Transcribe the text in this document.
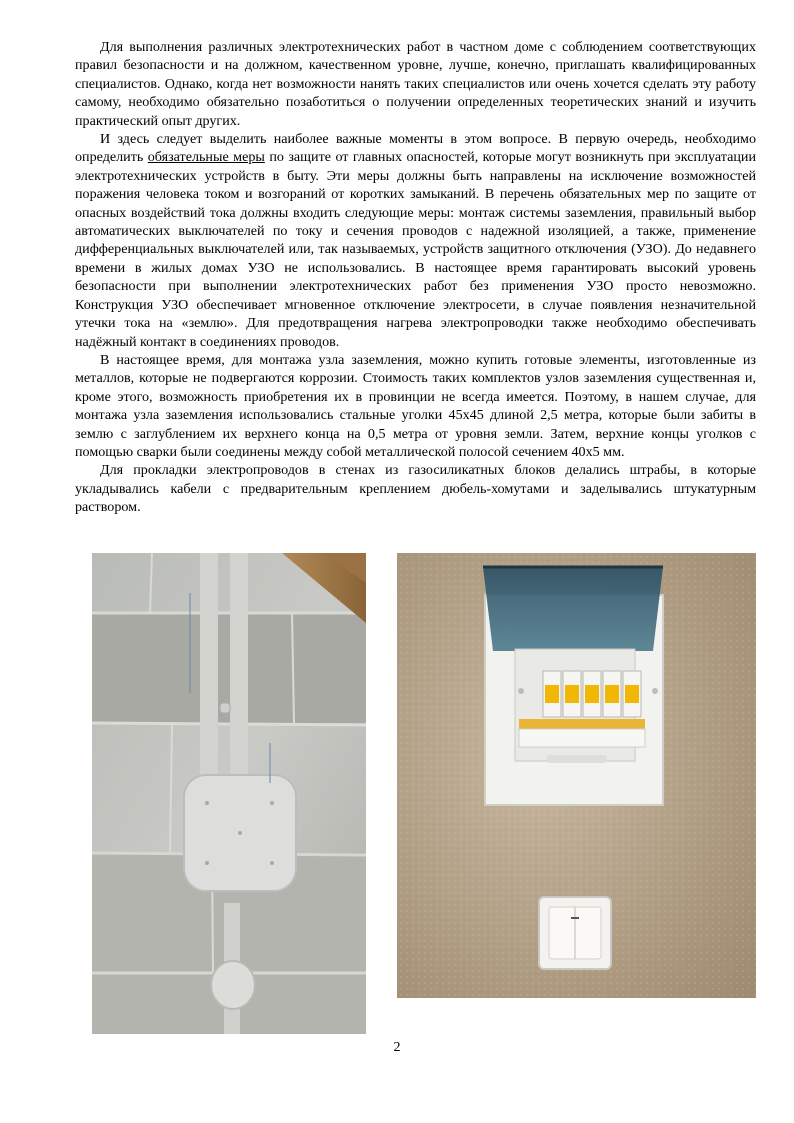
Для выполнения различных электротехнических работ в частном доме с соблюдением соответствующих правил безопасности и на должном, качественном уровне, лучше, конечно, приглашать квалифицированных специалистов. Однако, когда нет возможности нанять таких специалистов или очень хочется сделать эту работу самому, необходимо обязательно позаботиться о получении определенных теоретических знаний и изучить практический опыт других.

И здесь следует выделить наиболее важные моменты в этом вопросе. В первую очередь, необходимо определить обязательные меры по защите от главных опасностей, которые могут возникнуть при эксплуатации электротехнических устройств в быту. Эти меры должны быть направлены на исключение возможностей поражения человека током и возгораний от коротких замыканий. В перечень обязательных мер по защите от опасных воздействий тока должны входить следующие меры: монтаж системы заземления, правильный выбор автоматических выключателей по току и сечения проводов с надежной изоляцией, а также, применение дифференциальных выключателей или, так называемых, устройств защитного отключения (УЗО). До недавнего времени в жилых домах УЗО не использовались. В настоящее время гарантировать высокий уровень безопасности при выполнении электротехнических работ без применения УЗО просто невозможно. Конструкция УЗО обеспечивает мгновенное отключение электросети, в случае появления незначительной утечки тока на «землю». Для предотвращения нагрева электропроводки также необходимо обеспечивать надёжный контакт в соединениях проводов.

В настоящее время, для монтажа узла заземления, можно купить готовые элементы, изготовленные из металлов, которые не подвергаются коррозии. Стоимость таких комплектов узлов заземления существенная и, кроме этого, возможность приобретения их в провинции не всегда имеется. Поэтому, в нашем случае, для монтажа узла заземления использовались стальные уголки 45х45 длиной 2,5 метра, которые были забиты в землю с заглублением их верхнего конца на 0,5 метра от уровня земли. Затем, верхние концы уголков с помощью сварки были соединены между собой металлической полосой сечением 40х5 мм.

Для прокладки электропроводов в стенах из газосиликатных блоков делались штрабы, в которые укладывались кабели с предварительным креплением дюбель-хомутами и заделывались штукатурным раствором.

2
